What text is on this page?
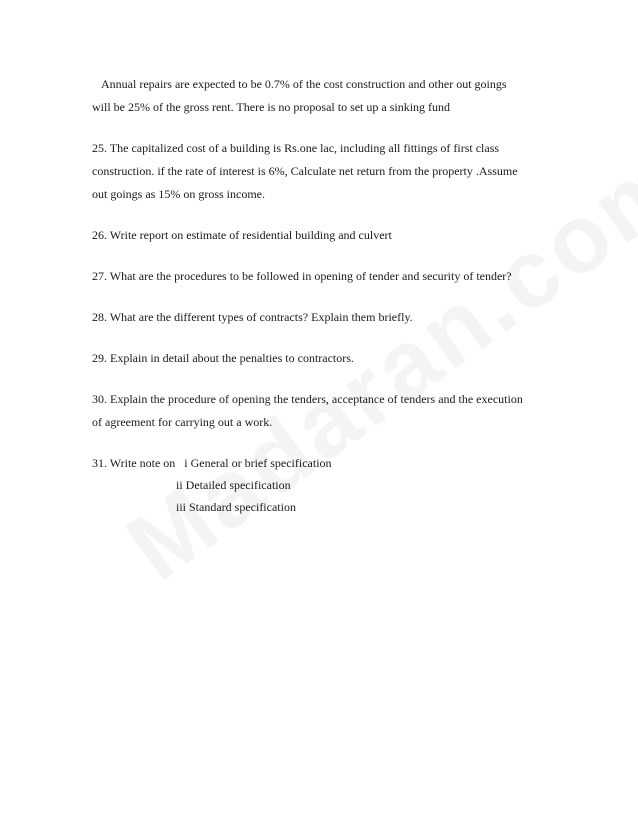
Annual repairs are expected to be 0.7% of the cost construction and other out goings

will be 25% of the gross rent. There is no proposal to set up a sinking fund

25. The capitalized cost of a building is Rs.one lac, including all fittings of first class

construction. if the rate of interest is 6%, Calculate net return from the property .Assume

out goings as 15% on gross income.

26. Write report on estimate of residential building and culvert

27. What are the procedures to be followed in opening of tender and security of tender?

28. What are the different types of contracts? Explain them briefly.

29. Explain in detail about the penalties to contractors.

30. Explain the procedure of opening the tenders, acceptance of tenders and the execution

of agreement for carrying out a work.

31. Write note on i General or brief specification
ii Detailed specification
iii Standard specification
